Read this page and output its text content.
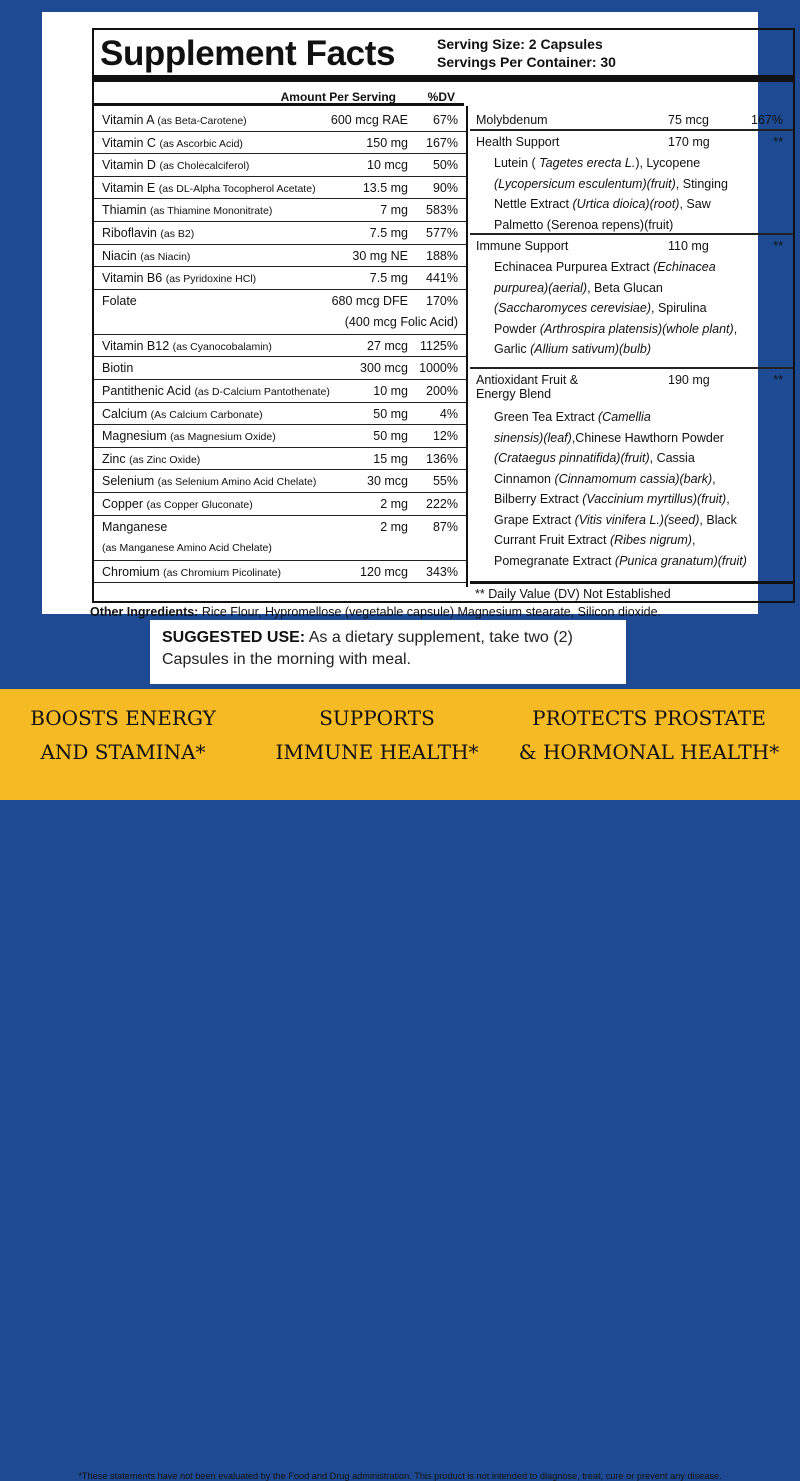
Supplement Facts	Serving Size: 2 Capsules
Servings Per Container: 30
Amount Per Serving	%DV
Vitamin A (as Beta-Carotene)	600 mcg RAE 67%
Vitamin C (as Ascorbic Acid)	150 mg 167%
Vitamin D (as Cholecalciferol)	10 mcg 50%
Vitamin E (as DL-Alpha Tocopherol Acetate)	13.5 mg 90%
Thiamin (as Thiamine Mononitrate)	7 mg 583%
Riboflavin (as B2)	7.5 mg 577%
Niacin (as Niacin)	30 mg NE 188%
Vitamin B6 (as Pyridoxine HCl)	7.5 mg 441%
Folate	680 mcg DFE 170%
(400 mcg Folic Acid)
Vitamin B12 (as Cyanocobalamin)	27 mcg 1125%
Biotin	300 mcg 1000%
Pantithenic Acid (as D-Calcium Pantothenate)	10 mg 200%
Calcium (As Calcium Carbonate)	50 mg	4%
Magnesium (as Magnesium Oxide)	50 mg 12%
Zinc (as Zinc Oxide)	15 mg 136%
Selenium (as Selenium Amino Acid Chelate)	30 mcg 55%
Copper (as Copper Gluconate)	2 mg 222%
Manganese	2 mg 87%
(as Manganese Amino Acid Chelate)
Chromium (as Chromium Picolinate)	120 mcg 343%
Molybdenum	75 mcg	167%
Health Support	170 mg	**
Lutein ( Tagetes erecta L.), Lycopene
(Lycopersicum esculentum)(fruit), Stinging
Nettle Extract (Urtica dioica)(root), Saw
Palmetto (Serenoa repens)(fruit)
Immune Support	110 mg	**
Echinacea Purpurea Extract (Echinacea
purpurea)(aerial), Beta Glucan
(Saccharomyces cerevisiae), Spirulina
Powder (Arthrospira platensis)(whole plant),
Garlic (Allium sativum)(bulb)
Antioxidant Fruit &
Energy Blend
190 mg	**
Green Tea Extract (Camellia
sinensis)(leaf),Chinese Hawthorn Powder
(Crataegus pinnatifida)(fruit), Cassia
Cinnamon (Cinnamomum cassia)(bark),
Bilberry Extract (Vaccinium myrtillus)(fruit),
Grape Extract (Vitis vinifera L.)(seed), Black
Currant Fruit Extract (Ribes nigrum),
Pomegranate Extract (Punica granatum)(fruit)
** Daily Value (DV) Not Established
Other Ingredients: Rice Flour, Hypromellose (vegetable capsule) Magnesium stearate, Silicon dioxide.
SUGGESTED USE: As a dietary supplement, take two (2) Capsules in the morning with meal.
BOOSTS ENERGY
AND STAMINA*
SUPPORTS
IMMUNE HEALTH*
PROTECTS PROSTATE
& HORMONAL HEALTH*
*These statements have not been evaluated by the Food and Drug administration. This product is not intended to diagnose, treat, cure or prevent any disease.
